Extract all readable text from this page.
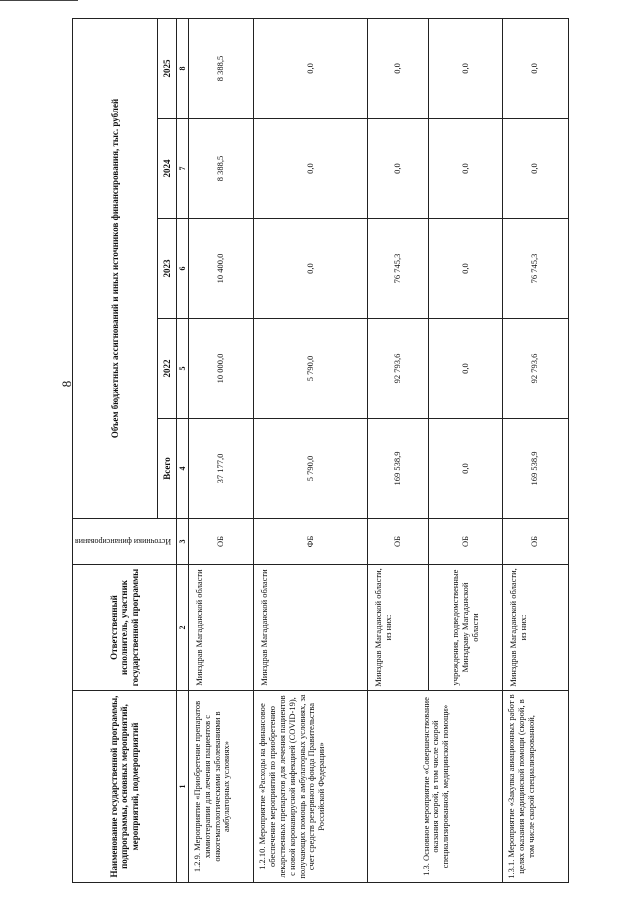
8
Наименование государственной программы, подпрограммы, основных мероприятий, мероприятий, подмероприятий	Ответственный исполнитель, участник государственной программы	Источники финансирования	Объем бюджетных ассигнований и иных источников финансирования, тыс. рублей				
			Всего	2022	2023	2024	2025
1	2	3	4	5	6	7	8
1.2.9. Мероприятие «Приобретение препаратов химиотерапии для лечения пациентов с онкогематологическими заболеваниями в амбулаторных условиях»	Минздрав Магаданской области	ОБ	37 177,0	10 000,0	10 400,0	8 388,5	8 388,5
1.2.10. Мероприятие «Расходы на финансовое обеспечение мероприятий по приобретению лекарственных препаратов для лечения пациентов с новой коронавирусной инфекцией (COVID-19), получающих помощь в амбулаторных условиях, за счет средств резервного фонда Правительства Российской Федерации»	Минздрав Магаданской области	ФБ	5 790,0	5 790,0	0,0	0,0	0,0
1.3. Основное мероприятие «Совершенствование оказания скорой, в том числе скорой специализированной, медицинской помощи»	Минздрав Магаданской области, из них:	ОБ	169 538,9	92 793,6	76 745,3	0,0	0,0
	учреждения, подведомственные Минздраву Магаданской области	ОБ	0,0	0,0	0,0	0,0	0,0
1.3.1. Мероприятие «Закупка авиационных работ в целях оказания медицинской помощи (скорой, в том числе скорой специализированной,	Минздрав Магаданской области, из них:	ОБ	169 538,9	92 793,6	76 745,3	0,0	0,0
